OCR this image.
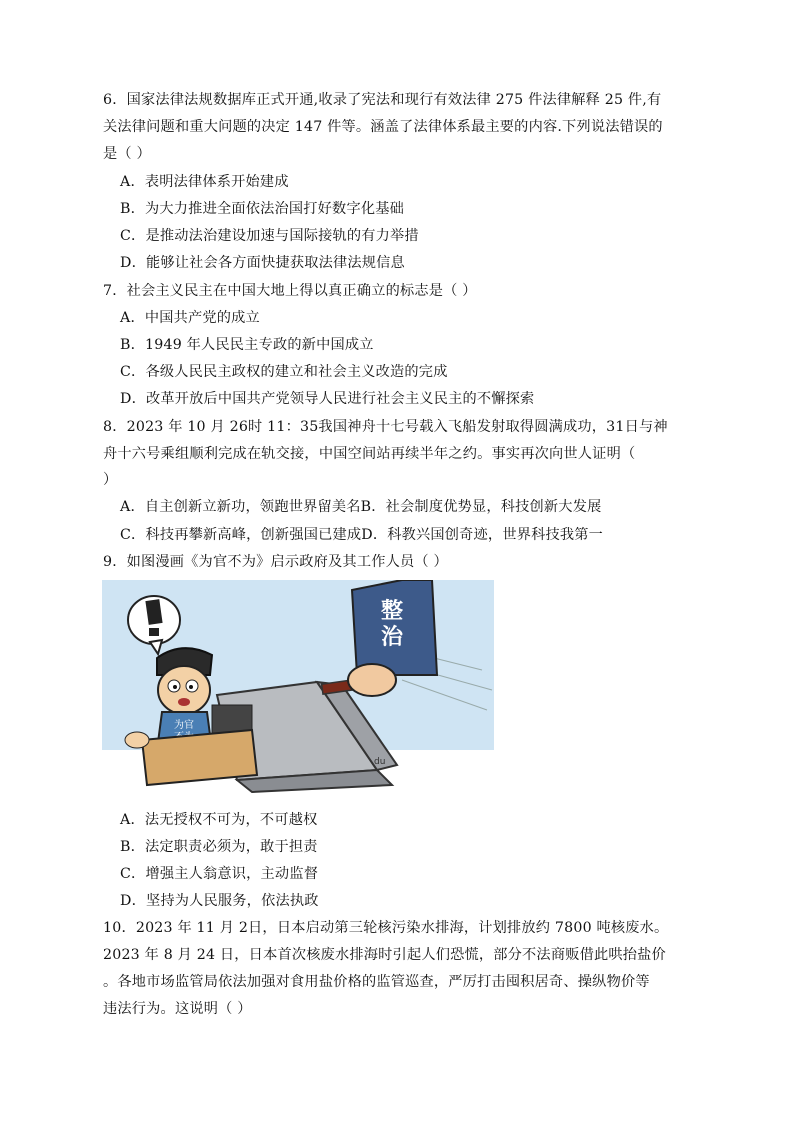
6．国家法律法规数据库正式开通,收录了宪法和现行有效法律 275 件法律解释 25 件,有
关法律问题和重大问题的决定 147 件等。涵盖了法律体系最主要的内容.下列说法错误的
是（ ）
A．表明法律体系开始建成
B．为大力推进全面依法治国打好数字化基础
C．是推动法治建设加速与国际接轨的有力举措
D．能够让社会各方面快捷获取法律法规信息
7．社会主义民主在中国大地上得以真正确立的标志是（ ）
A．中国共产党的成立
B．1949 年人民民主专政的新中国成立
C．各级人民民主政权的建立和社会主义改造的完成
D．改革开放后中国共产党领导人民进行社会主义民主的不懈探索
8．2023 年 10 月 26时 11：35我国神舟十七号载入飞船发射取得圆满成功，31日与神
舟十六号乘组顺利完成在轨交接，中国空间站再续半年之约。事实再次向世人证明（
）
A．自主创新立新功，领跑世界留美名B．社会制度优势显，科技创新大发展
C．科技再攀新高峰，创新强国已建成D．科教兴国创奇迹，世界科技我第一
9．如图漫画《为官不为》启示政府及其工作人员（ ）
整
治
为官
du
A．法无授权不可为，不可越权
B．法定职责必须为，敢于担责
C．增强主人翁意识，主动监督
D．坚持为人民服务，依法执政
10．2023 年 11 月 2日，日本启动第三轮核污染水排海，计划排放约 7800 吨核废水。
2023 年 8 月 24 日，日本首次核废水排海时引起人们恐慌，部分不法商贩借此哄抬盐价
。各地市场监管局依法加强对食用盐价格的监管巡查，严厉打击囤积居奇、操纵物价等
违法行为。这说明（ ）
